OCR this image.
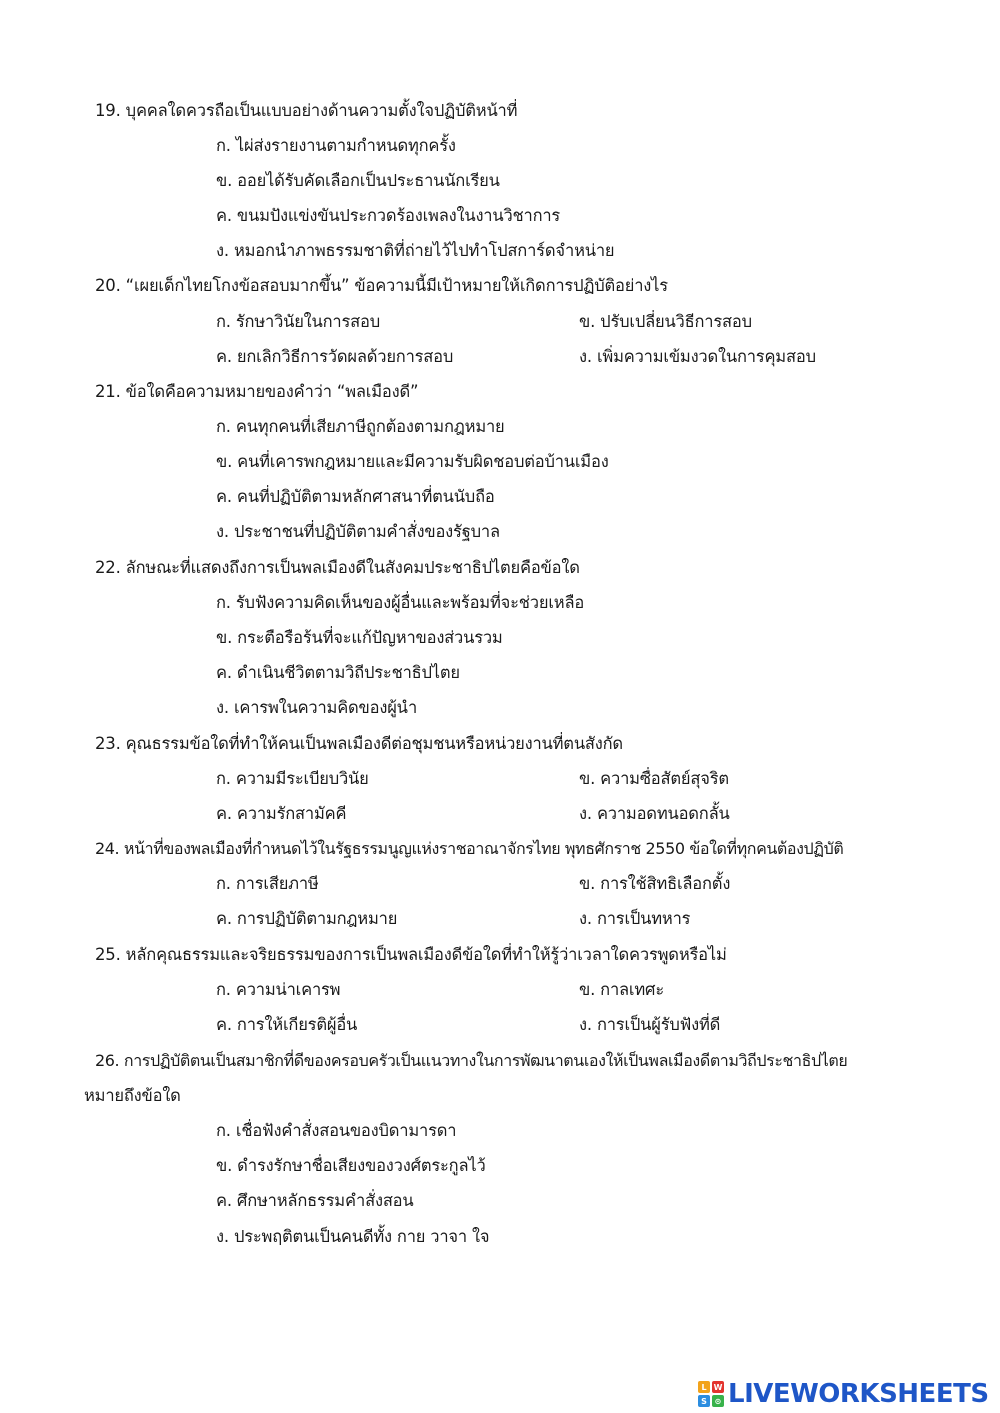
19. บุคคลใดควรถือเป็นแบบอย่างด้านความตั้งใจปฏิบัติหน้าที่
ก. ไผ่ส่งรายงานตามกำหนดทุกครั้ง
ข. ออยได้รับคัดเลือกเป็นประธานนักเรียน
ค. ขนมปังแข่งขันประกวดร้องเพลงในงานวิชาการ
ง. หมอกนำภาพธรรมชาติที่ถ่ายไว้ไปทำโปสการ์ดจำหน่าย
20. “เผยเด็กไทยโกงข้อสอบมากขึ้น” ข้อความนี้มีเป้าหมายให้เกิดการปฏิบัติอย่างไร
ก. รักษาวินัยในการสอบ	ข. ปรับเปลี่ยนวิธีการสอบ
ค. ยกเลิกวิธีการวัดผลด้วยการสอบ	ง. เพิ่มความเข้มงวดในการคุมสอบ
21. ข้อใดคือความหมายของคำว่า “พลเมืองดี”
ก. คนทุกคนที่เสียภาษีถูกต้องตามกฎหมาย
ข. คนที่เคารพกฎหมายและมีความรับผิดชอบต่อบ้านเมือง
ค. คนที่ปฏิบัติตามหลักศาสนาที่ตนนับถือ
ง. ประชาชนที่ปฏิบัติตามคำสั่งของรัฐบาล
22. ลักษณะที่แสดงถึงการเป็นพลเมืองดีในสังคมประชาธิปไตยคือข้อใด
ก. รับฟังความคิดเห็นของผู้อื่นและพร้อมที่จะช่วยเหลือ
ข. กระตือรือร้นที่จะแก้ปัญหาของส่วนรวม
ค. ดำเนินชีวิตตามวิถีประชาธิปไตย
ง. เคารพในความคิดของผู้นำ
23. คุณธรรมข้อใดที่ทำให้คนเป็นพลเมืองดีต่อชุมชนหรือหน่วยงานที่ตนสังกัด
ก. ความมีระเบียบวินัย	ข. ความซื่อสัตย์สุจริต
ค. ความรักสามัคคี	ง. ความอดทนอดกลั้น
24. หน้าที่ของพลเมืองที่กำหนดไว้ในรัฐธรรมนูญแห่งราชอาณาจักรไทย พุทธศักราช 2550 ข้อใดที่ทุกคนต้องปฏิบัติ
ก. การเสียภาษี	ข. การใช้สิทธิเลือกตั้ง
ค. การปฏิบัติตามกฎหมาย	ง. การเป็นทหาร
25. หลักคุณธรรมและจริยธรรมของการเป็นพลเมืองดีข้อใดที่ทำให้รู้ว่าเวลาใดควรพูดหรือไม่
ก. ความน่าเคารพ	ข. กาลเทศะ
ค. การให้เกียรติผู้อื่น	ง. การเป็นผู้รับฟังที่ดี
26. การปฏิบัติตนเป็นสมาชิกที่ดีของครอบครัวเป็นแนวทางในการพัฒนาตนเองให้เป็นพลเมืองดีตามวิถีประชาธิปไตย
หมายถึงข้อใด
ก. เชื่อฟังคำสั่งสอนของบิดามารดา
ข. ดำรงรักษาชื่อเสียงของวงศ์ตระกูลไว้
ค. ศึกษาหลักธรรมคำสั่งสอน
ง. ประพฤติตนเป็นคนดีทั้ง กาย วาจา ใจ
L W
S ⊙ LIVEWORKSHEETS
